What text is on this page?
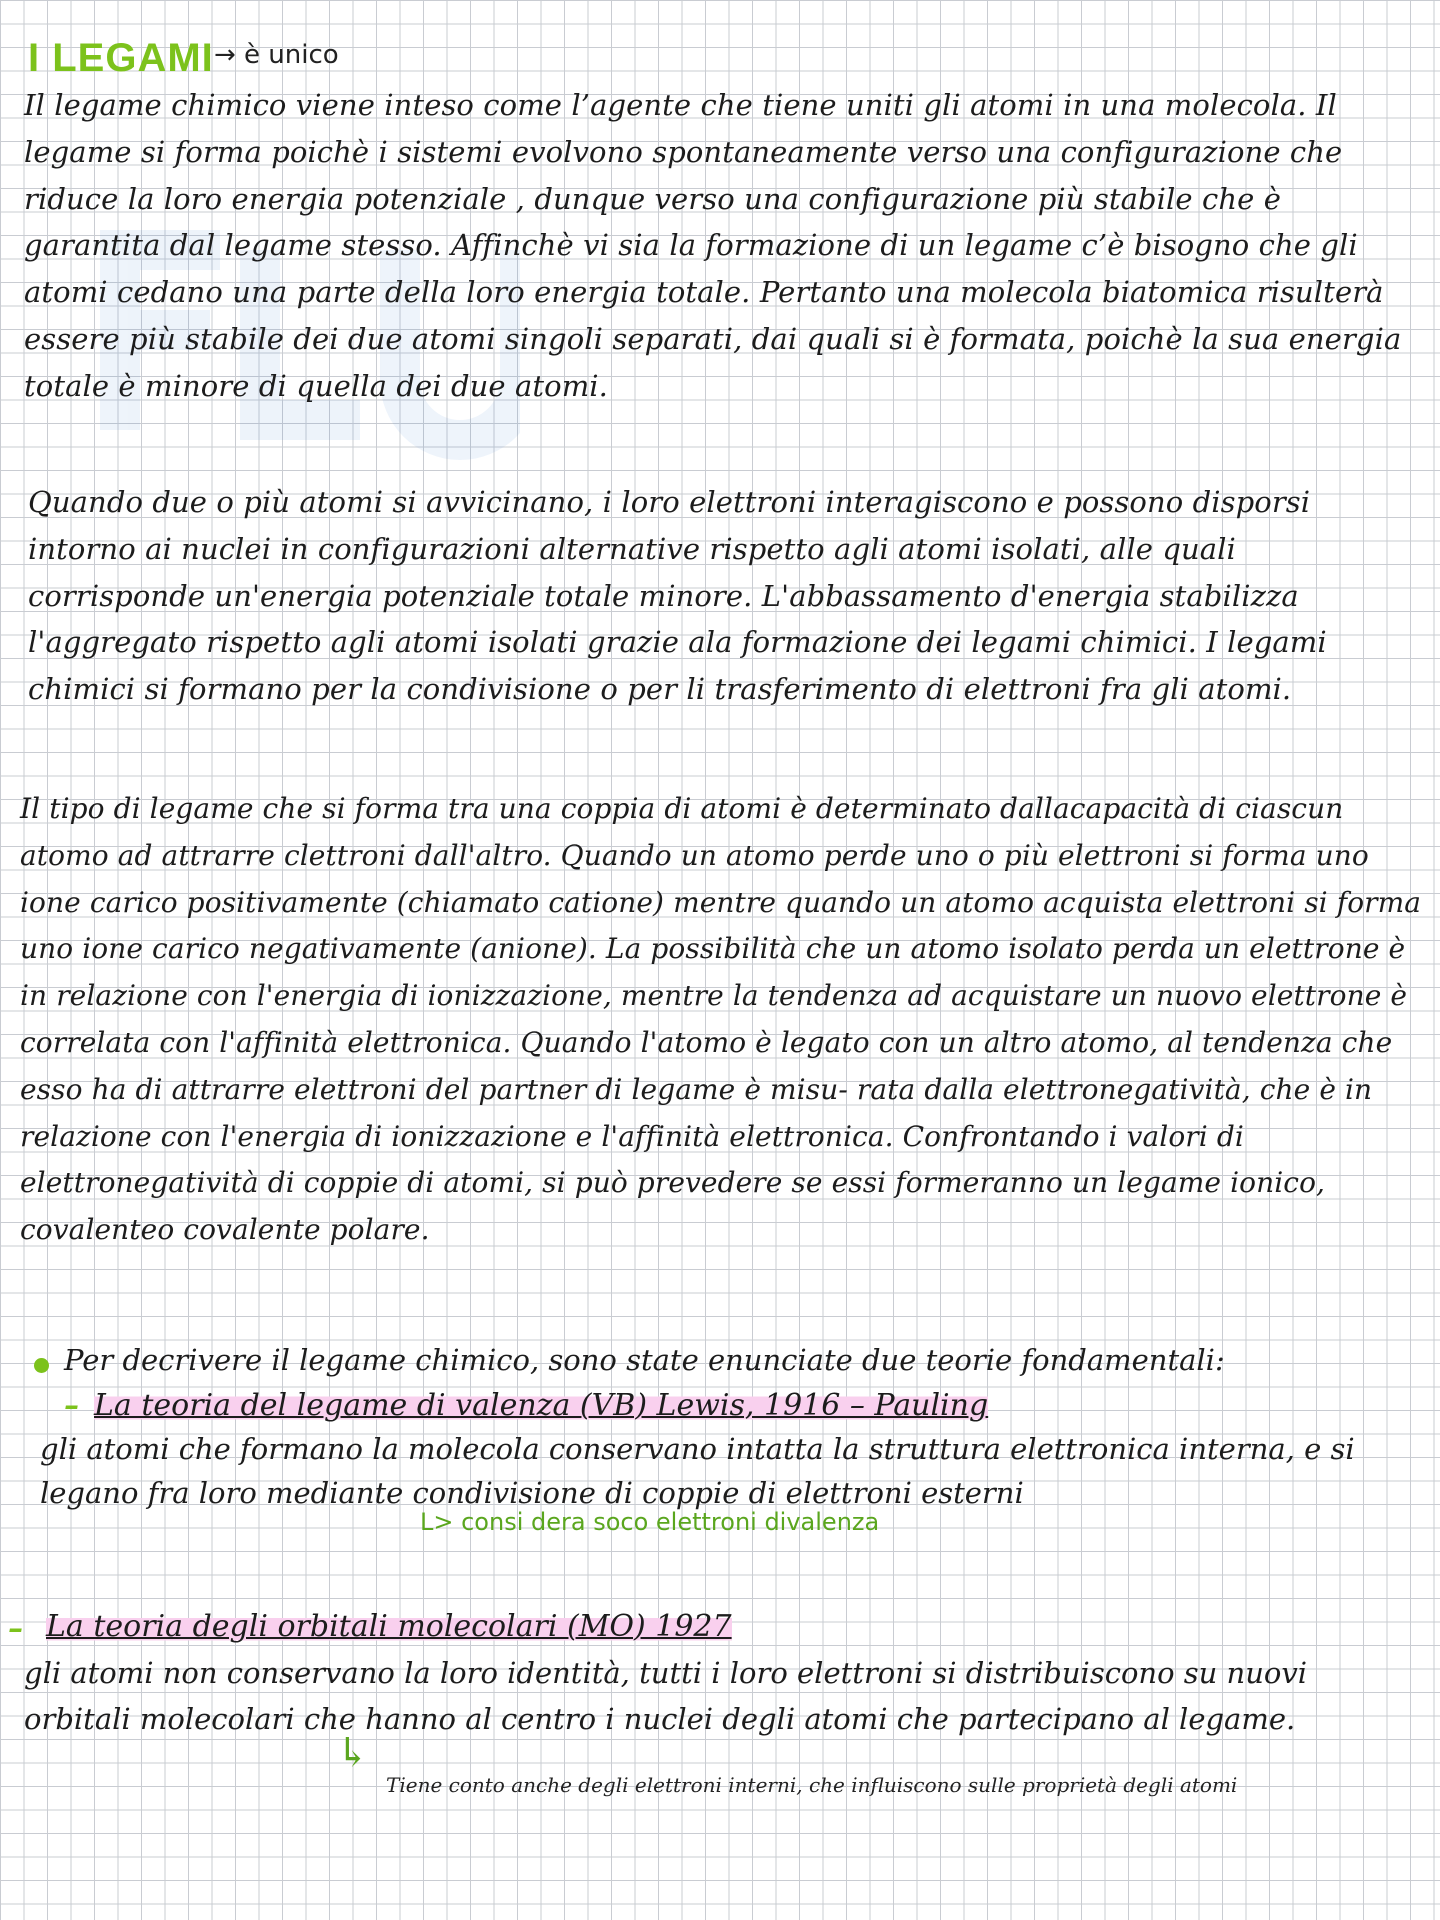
I LEGAMI → è unico

Il legame chimico viene inteso come l’agente che tiene uniti gli atomi in una molecola. Il legame si forma poichè i sistemi evolvono spontaneamente verso una configurazione che riduce la loro energia potenziale , dunque verso una configurazione più stabile che è garantita dal legame stesso. Affinchè vi sia la formazione di un legame c’è bisogno che gli atomi cedano una parte della loro energia totale. Pertanto una molecola biatomica risulterà essere più stabile dei due atomi singoli separati, dai quali si è formata, poichè la sua energia totale è minore di quella dei due atomi.

Quando due o più atomi si avvicinano, i loro elettroni interagiscono e possono disporsi intorno ai nuclei in configurazioni alternative rispetto agli atomi isolati, alle quali corrisponde un'energia potenziale totale minore. L'abbassamento d'energia stabilizza l'aggregato rispetto agli atomi isolati grazie ala formazione dei legami chimici. I legami chimici si formano per la condivisione o per li trasferimento di elettroni fra gli atomi.

Il tipo di legame che si forma tra una coppia di atomi è determinato dallacapacità di ciascun atomo ad attrarre clettroni dall'altro. Quando un atomo perde uno o più elettroni si forma uno ione carico positivamente (chiamato catione) mentre quando un atomo acquista elettroni si forma uno ione carico negativamente (anione). La possibilità che un atomo isolato perda un elettrone è in relazione con l'energia di ionizzazione, mentre la tendenza ad acquistare un nuovo elettrone è correlata con l'affinità elettronica. Quando l'atomo è legato con un altro atomo, al tendenza che esso ha di attrarre elettroni del partner di legame è misu- rata dalla elettronegatività, che è in relazione con l'energia di ionizzazione e l'affinità elettronica. Confrontando i valori di elettronegatività di coppie di atomi, si può prevedere se essi formeranno un legame ionico, covalenteo covalente polare.

Per decrivere il legame chimico, sono state enunciate due teorie fondamentali:
– La teoria del legame di valenza (VB) Lewis, 1916 – Pauling

gli atomi che formano la molecola conservano intatta la struttura elettronica interna, e si legano fra loro mediante condivisione di coppie di elettroni esterni

L> consi dera soco elettroni divalenza
– La teoria degli orbitali molecolari (MO) 1927

gli atomi non conservano la loro identità, tutti i loro elettroni si distribuiscono su nuovi orbitali molecolari che hanno al centro i nuclei degli atomi che partecipano al legame.

↳
Tiene conto anche degli elettroni interni, che influiscono sulle proprietà degli atomi
